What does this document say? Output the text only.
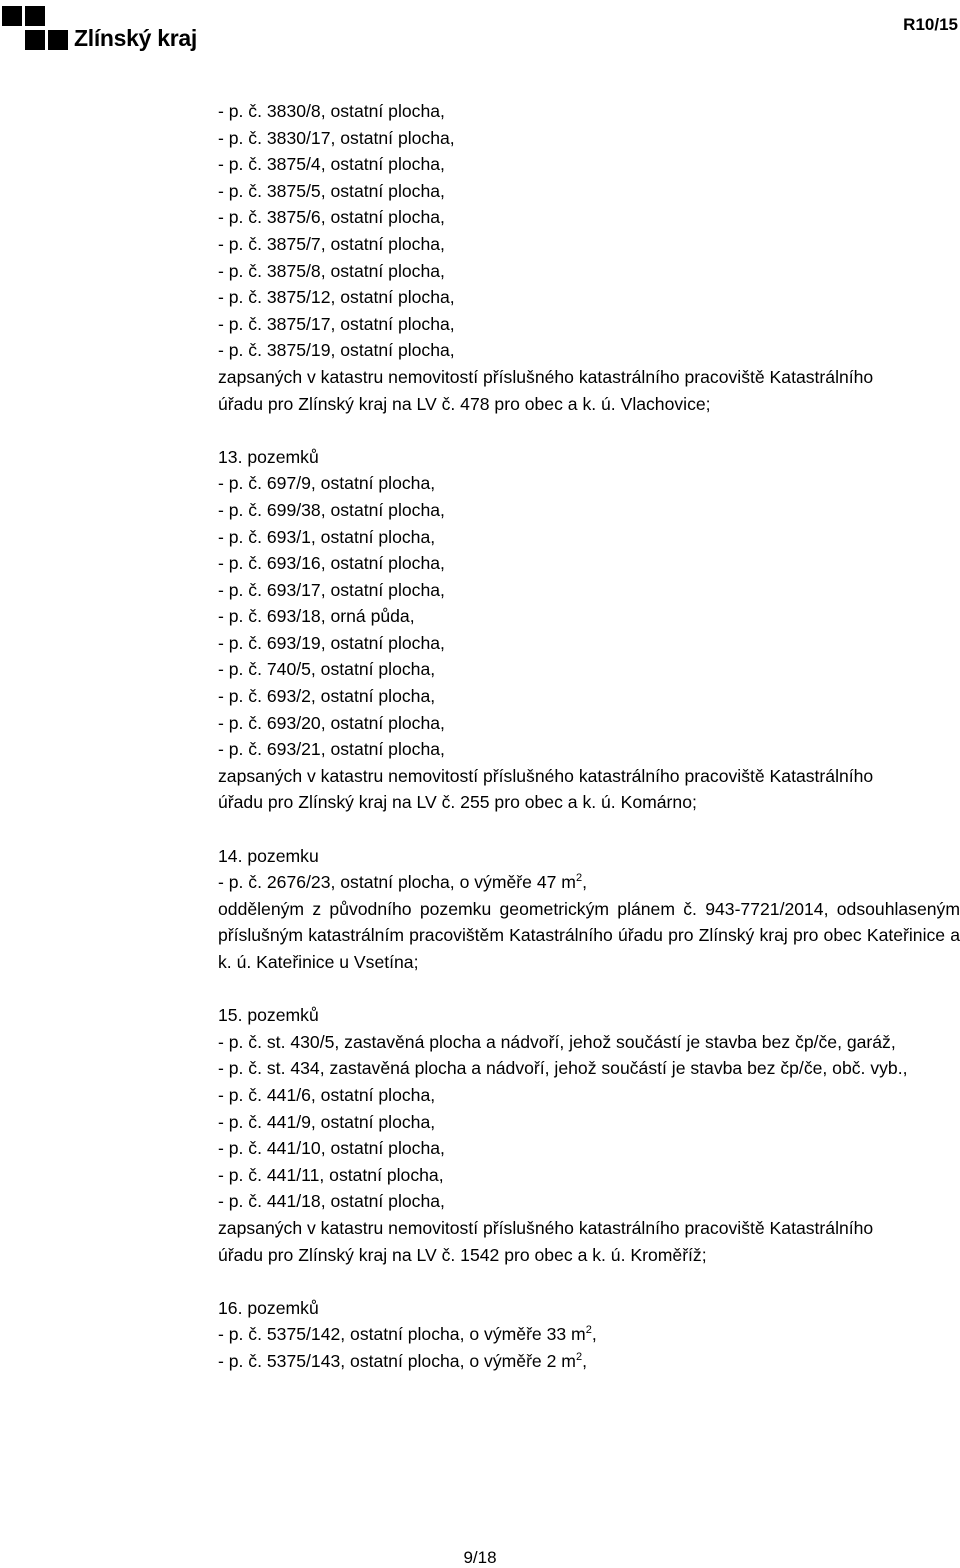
Zlínský kraj
R10/15
- p. č. 3830/8, ostatní plocha,
- p. č. 3830/17, ostatní plocha,
- p. č. 3875/4, ostatní plocha,
- p. č. 3875/5, ostatní plocha,
- p. č. 3875/6, ostatní plocha,
- p. č. 3875/7, ostatní plocha,
- p. č. 3875/8, ostatní plocha,
- p. č. 3875/12, ostatní plocha,
- p. č. 3875/17, ostatní plocha,
- p. č. 3875/19, ostatní plocha,
zapsaných v katastru nemovitostí příslušného katastrálního pracoviště Katastrálního
úřadu pro Zlínský kraj na LV č. 478 pro obec a k. ú. Vlachovice;
13. pozemků
- p. č. 697/9, ostatní plocha,
- p. č. 699/38, ostatní plocha,
- p. č. 693/1, ostatní plocha,
- p. č. 693/16, ostatní plocha,
- p. č. 693/17, ostatní plocha,
- p. č. 693/18, orná půda,
- p. č. 693/19, ostatní plocha,
- p. č. 740/5, ostatní plocha,
- p. č. 693/2, ostatní plocha,
- p. č. 693/20, ostatní plocha,
- p. č. 693/21, ostatní plocha,
zapsaných v katastru nemovitostí příslušného katastrálního pracoviště Katastrálního
úřadu pro Zlínský kraj na LV č. 255 pro obec a k. ú. Komárno;
14. pozemku
- p. č. 2676/23, ostatní plocha, o výměře 47 $m^2$,
odděleným z původního pozemku geometrickým plánem č. 943-7721/2014, odsouhlaseným příslušným katastrálním pracovištěm Katastrálního úřadu pro Zlínský kraj pro obec Kateřinice a k. ú. Kateřinice u Vsetína;
15. pozemků
- p. č. st. 430/5, zastavěná plocha a nádvoří, jehož součástí je stavba bez čp/če, garáž,
- p. č. st. 434, zastavěná plocha a nádvoří, jehož součástí je stavba bez čp/če, obč. vyb.,
- p. č. 441/6, ostatní plocha,
- p. č. 441/9, ostatní plocha,
- p. č. 441/10, ostatní plocha,
- p. č. 441/11, ostatní plocha,
- p. č. 441/18, ostatní plocha,
zapsaných v katastru nemovitostí příslušného katastrálního pracoviště Katastrálního
úřadu pro Zlínský kraj na LV č. 1542 pro obec a k. ú. Kroměříž;
16. pozemků
- p. č. 5375/142, ostatní plocha, o výměře 33 $m^2$,
- p. č. 5375/143, ostatní plocha, o výměře 2 $m^2$,
9/18
